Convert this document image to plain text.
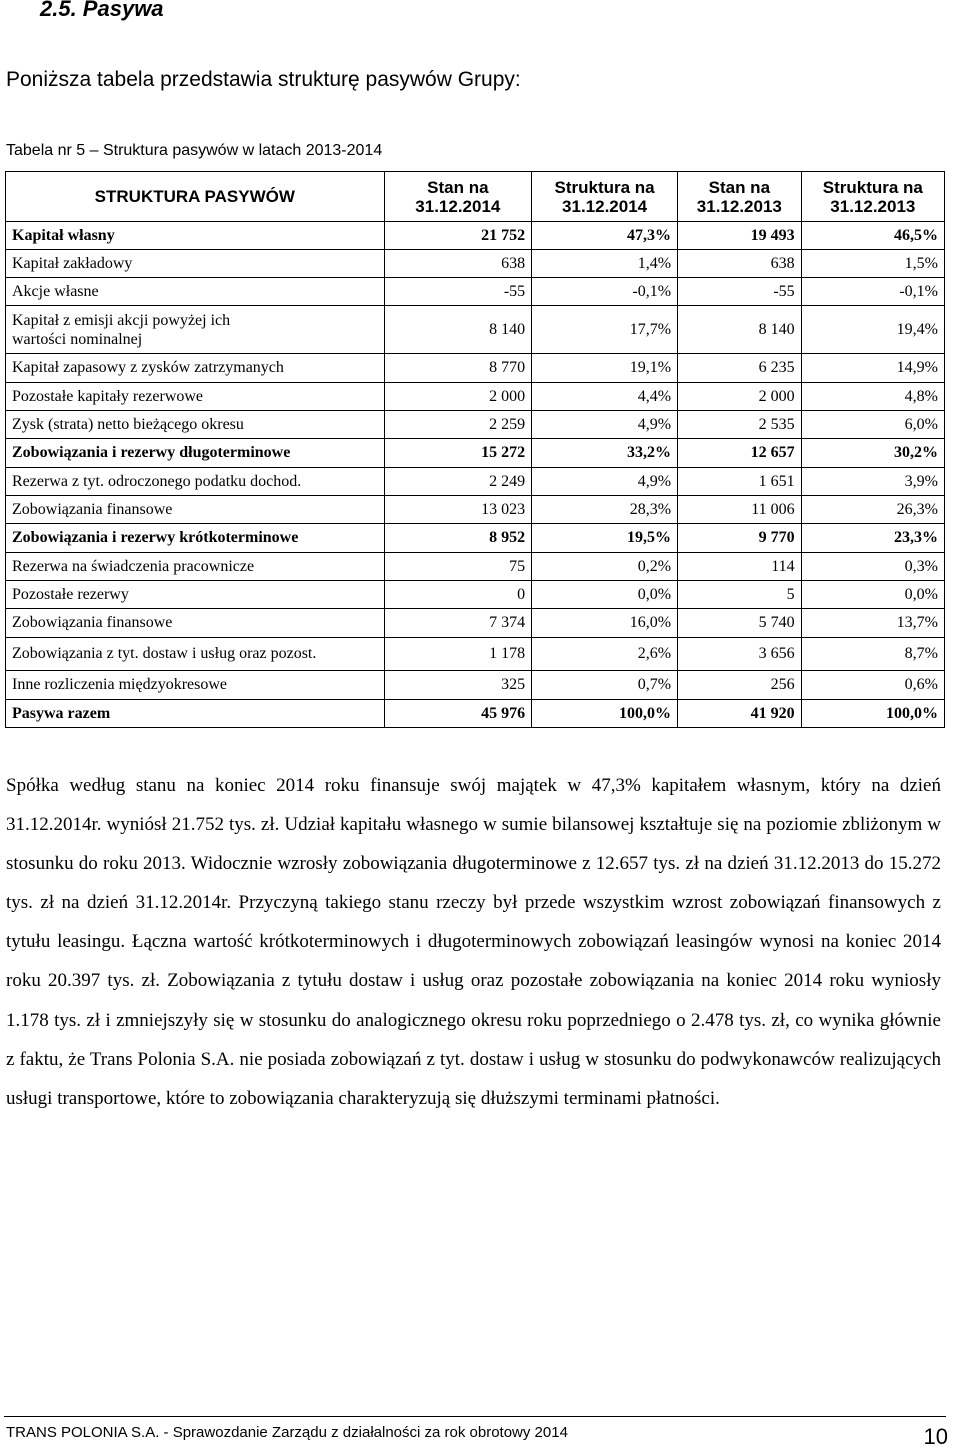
2.5. Pasywa
Poniższa tabela przedstawia strukturę pasywów Grupy:
Tabela nr 5 – Struktura pasywów w latach 2013-2014
STRUKTURA PASYWÓW	Stan na 31.12.2014	Struktura na 31.12.2014	Stan na 31.12.2013	Struktura na 31.12.2013
Kapitał własny	21 752	47,3%	19 493	46,5%
Kapitał zakładowy	638	1,4%	638	1,5%
Akcje własne	-55	-0,1%	-55	-0,1%
Kapitał z emisji akcji powyżej ich wartości nominalnej	8 140	17,7%	8 140	19,4%
Kapitał zapasowy z zysków zatrzymanych	8 770	19,1%	6 235	14,9%
Pozostałe kapitały rezerwowe	2 000	4,4%	2 000	4,8%
Zysk (strata) netto bieżącego okresu	2 259	4,9%	2 535	6,0%
Zobowiązania i rezerwy długoterminowe	15 272	33,2%	12 657	30,2%
Rezerwa z tyt. odroczonego podatku dochod.	2 249	4,9%	1 651	3,9%
Zobowiązania finansowe	13 023	28,3%	11 006	26,3%
Zobowiązania i rezerwy krótkoterminowe	8 952	19,5%	9 770	23,3%
Rezerwa na świadczenia pracownicze	75	0,2%	114	0,3%
Pozostałe rezerwy	0	0,0%	5	0,0%
Zobowiązania finansowe	7 374	16,0%	5 740	13,7%
Zobowiązania z tyt. dostaw i usług oraz pozost.	1 178	2,6%	3 656	8,7%
Inne rozliczenia międzyokresowe	325	0,7%	256	0,6%
Pasywa razem	45 976	100,0%	41 920	100,0%
Spółka według stanu na koniec 2014 roku finansuje swój majątek w 47,3% kapitałem własnym, który na dzień 31.12.2014r. wyniósł 21.752 tys. zł. Udział kapitału własnego w sumie bilansowej kształtuje się na poziomie zbliżonym w stosunku do roku 2013. Widocznie wzrosły zobowiązania długoterminowe z 12.657 tys. zł na dzień 31.12.2013 do 15.272 tys. zł na dzień 31.12.2014r. Przyczyną takiego stanu rzeczy był przede wszystkim wzrost zobowiązań finansowych z tytułu leasingu. Łączna wartość krótkoterminowych i długoterminowych zobowiązań leasingów wynosi na koniec 2014 roku 20.397 tys. zł. Zobowiązania z tytułu dostaw i usług oraz pozostałe zobowiązania na koniec 2014 roku wyniosły 1.178 tys. zł i zmniejszyły się w stosunku do analogicznego okresu roku poprzedniego o 2.478 tys. zł, co wynika głównie z faktu, że Trans Polonia S.A. nie posiada zobowiązań z tyt. dostaw i usług w stosunku do podwykonawców realizujących usługi transportowe, które to zobowiązania charakteryzują się dłuższymi terminami płatności.
TRANS POLONIA S.A. - Sprawozdanie Zarządu z działalności za rok obrotowy 2014	10
